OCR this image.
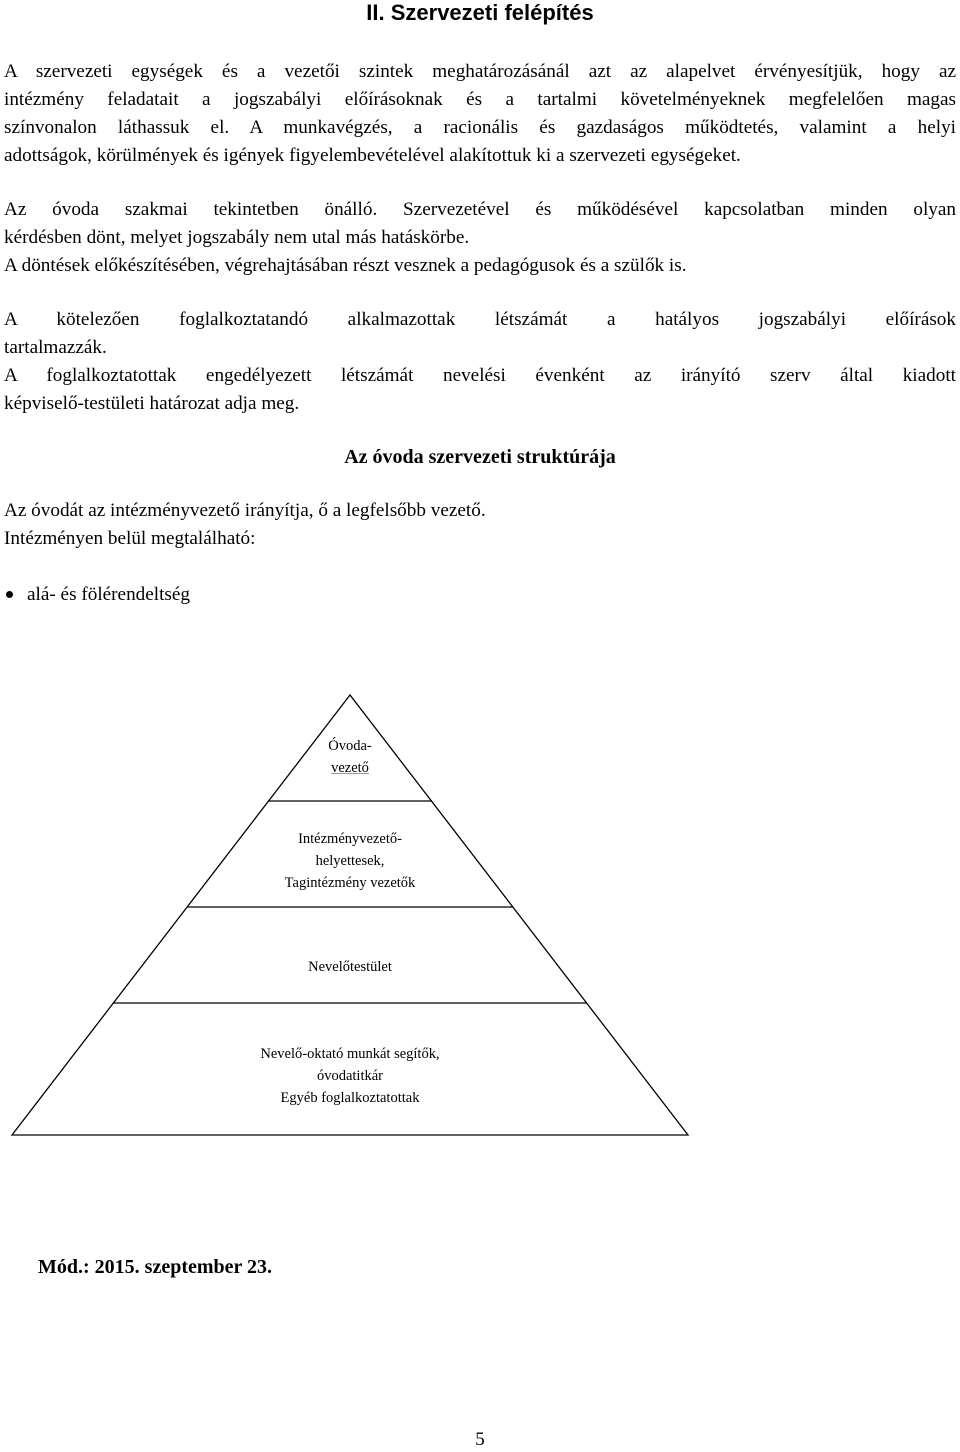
II. Szervezeti felépítés
A szervezeti egységek és a vezetői szintek meghatározásánál azt az alapelvet érvényesítjük, hogy az
intézmény feladatait a jogszabályi előírásoknak és a tartalmi követelményeknek megfelelően magas
színvonalon láthassuk el. A munkavégzés, a racionális és gazdaságos működtetés, valamint a helyi
adottságok, körülmények és igények figyelembevételével alakítottuk ki a szervezeti egységeket.
Az óvoda szakmai tekintetben önálló. Szervezetével és működésével kapcsolatban minden olyan
kérdésben dönt, melyet jogszabály nem utal más hatáskörbe.
A döntések előkészítésében, végrehajtásában részt vesznek a pedagógusok és a szülők is.
A kötelezően foglalkoztatandó alkalmazottak létszámát a hatályos jogszabályi előírások
tartalmazzák.
A foglalkoztatottak engedélyezett létszámát nevelési évenként az irányító szerv által kiadott
képviselő-testületi határozat adja meg.
Az óvoda szervezeti struktúrája
Az óvodát az intézményvezető irányítja, ő a legfelsőbb vezető.
Intézményen belül megtalálható:
alá- és fölérendeltség
Óvoda-
vezető
Intézményvezető-
helyettesek,
Tagintézmény vezetők
Nevelőtestület
Nevelő-oktató munkát segítők,
óvodatitkár
Egyéb foglalkoztatottak
Mód.: 2015. szeptember 23.
5
